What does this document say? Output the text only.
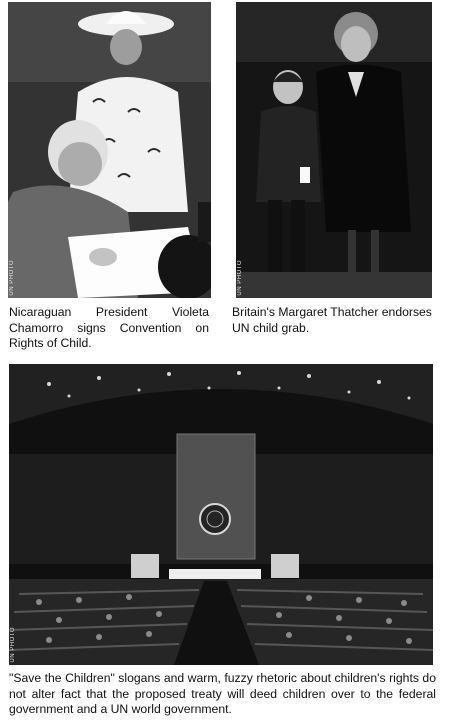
UN PHOTO	UN PHOTO
Nicaraguan President Violeta Chamorro signs Convention on Rights of Child.
Britain's Margaret Thatcher endorses UN child grab.
UN PHOTO
"Save the Children" slogans and warm, fuzzy rhetoric about children's rights do not alter fact that the proposed treaty will deed children over to the federal government and a UN world government.
